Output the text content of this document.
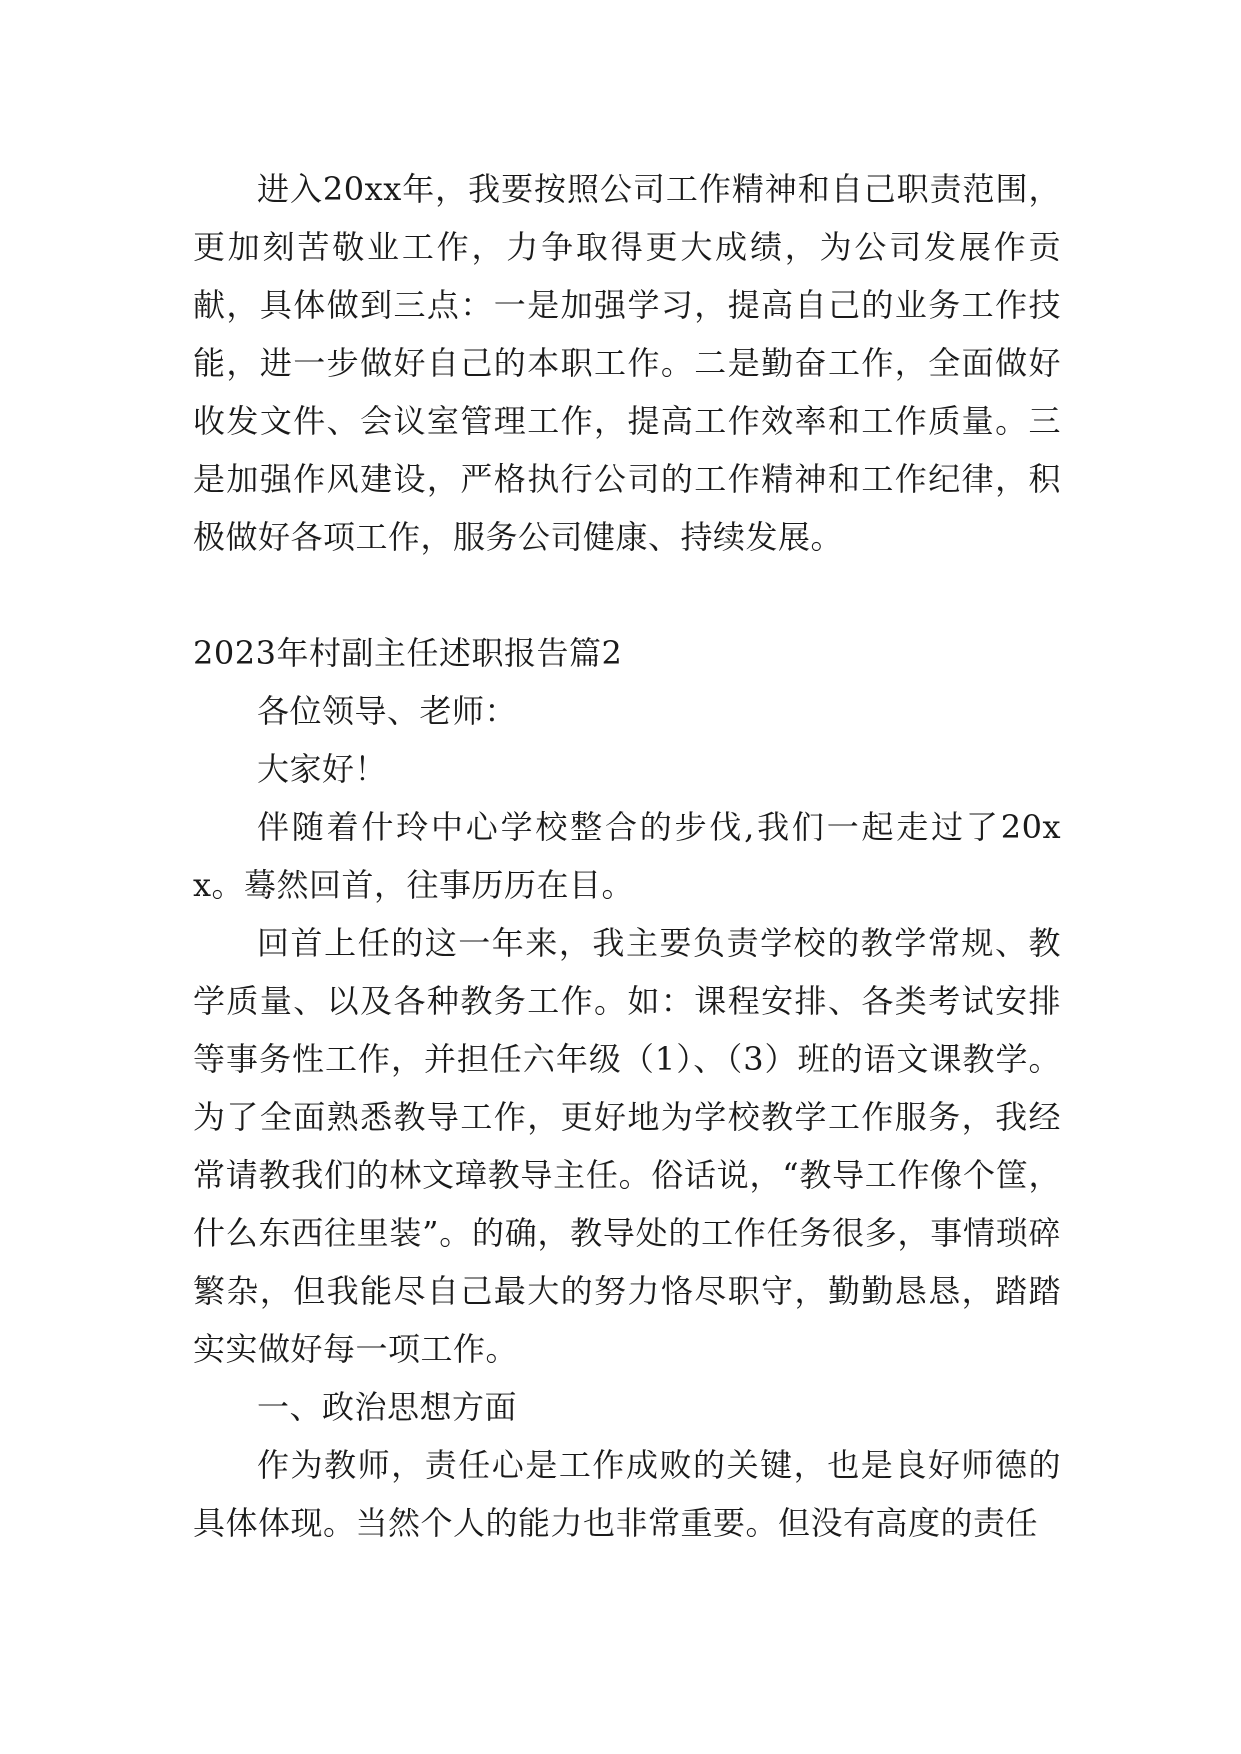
进入20xx年，我要按照公司工作精神和自己职责范围，更加刻苦敬业工作，力争取得更大成绩，为公司发展作贡献，具体做到三点：一是加强学习，提高自己的业务工作技能，进一步做好自己的本职工作。二是勤奋工作，全面做好收发文件、会议室管理工作，提高工作效率和工作质量。三是加强作风建设，严格执行公司的工作精神和工作纪律，积极做好各项工作，服务公司健康、持续发展。

2023年村副主任述职报告篇2

各位领导、老师：

大家好！

伴随着什玲中心学校整合的步伐,我们一起走过了20xx。蓦然回首，往事历历在目。

回首上任的这一年来，我主要负责学校的教学常规、教学质量、以及各种教务工作。如：课程安排、各类考试安排等事务性工作，并担任六年级（1）、（3）班的语文课教学。为了全面熟悉教导工作，更好地为学校教学工作服务，我经常请教我们的林文璋教导主任。俗话说，“教导工作像个筐，什么东西往里装”。的确，教导处的工作任务很多，事情琐碎繁杂，但我能尽自己最大的努力恪尽职守，勤勤恳恳，踏踏实实做好每一项工作。

一、政治思想方面

作为教师，责任心是工作成败的关键，也是良好师德的具体体现。当然个人的能力也非常重要。但没有高度的责任
